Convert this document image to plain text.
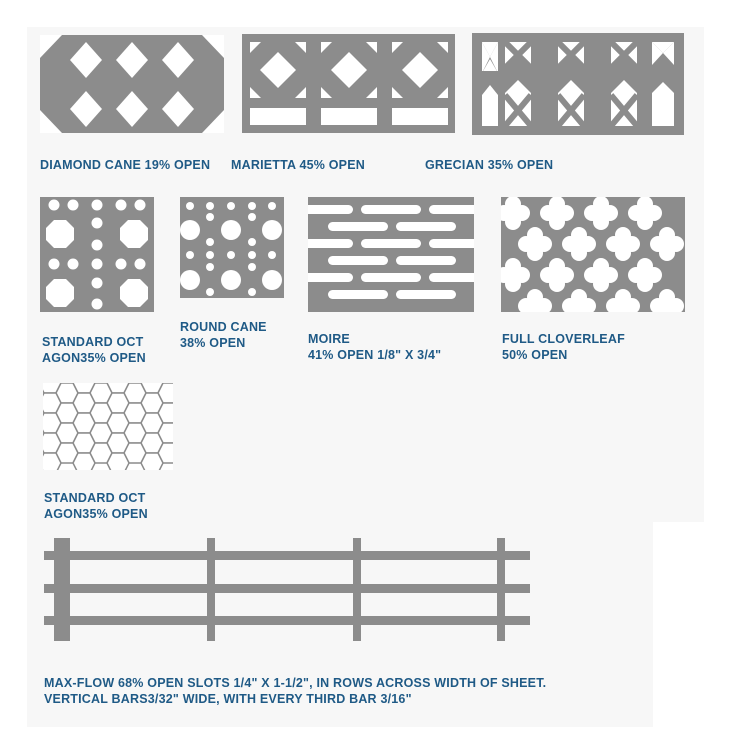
DIAMOND CANE 19% OPEN MARIETTA 45% OPEN	GRECIAN 35% OPEN

STANDARD OCT
AGON35% OPEN

ROUND CANE
38% OPEN	MOIRE
41% OPEN 1/8" X 3/4"

FULL CLOVERLEAF
50% OPEN

STANDARD OCT
AGON35% OPEN

MAX-FLOW 68% OPEN SLOTS 1/4" X 1-1/2", IN ROWS ACROSS WIDTH OF SHEET.
VERTICAL BARS3/32" WIDE, WITH EVERY THIRD BAR 3/16"
